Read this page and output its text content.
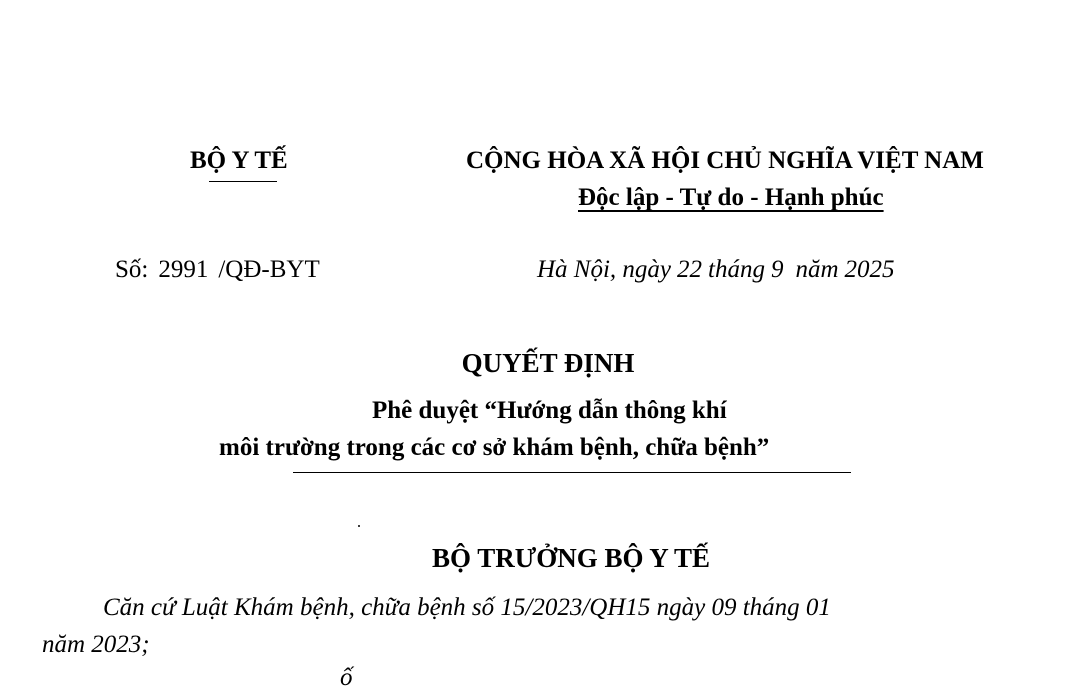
BỘ Y TẾ	CỘNG HÒA XÃ HỘI CHỦ NGHĨA VIỆT NAM
Độc lập - Tự do - Hạnh phúc
Số: 2991 /QĐ-BYT	Hà Nội, ngày 22 tháng 9 năm 2025
QUYẾT ĐỊNH
Phê duyệt “Hướng dẫn thông khí
môi trường trong các cơ sở khám bệnh, chữa bệnh”
BỘ TRƯỞNG BỘ Y TẾ
Căn cứ Luật Khám bệnh, chữa bệnh số 15/2023/QH15 ngày 09 tháng 01
năm 2023;
ố
